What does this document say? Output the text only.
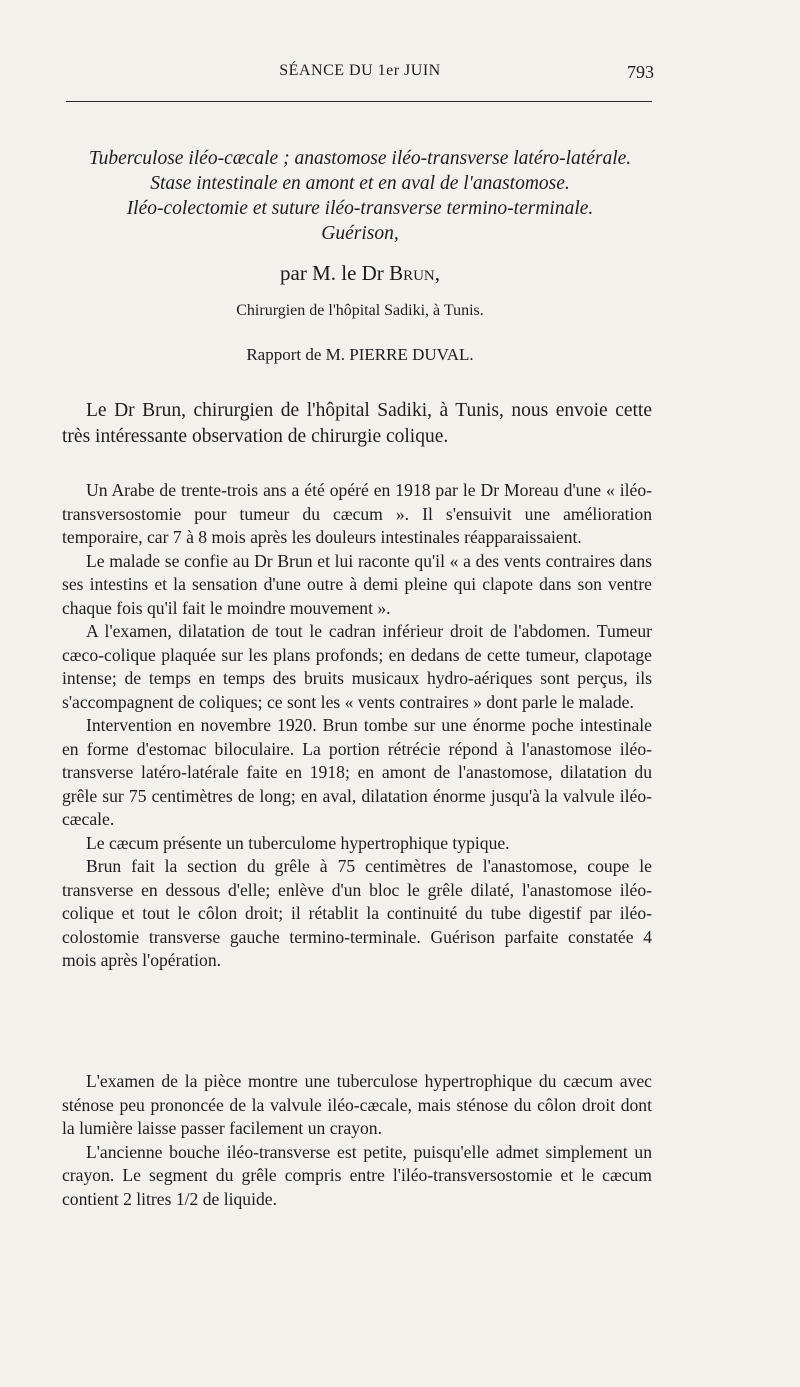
SÉANCE DU 1er JUIN	793
Tuberculose iléo-cæcale ; anastomose iléo-transverse latéro-latérale.
Stase intestinale en amont et en aval de l'anastomose.
Iléo-colectomie et suture iléo-transverse termino-terminale.
Guérison,
par M. le Dr Brun,
Chirurgien de l'hôpital Sadiki, à Tunis.
Rapport de M. PIERRE DUVAL.

Le Dr Brun, chirurgien de l'hôpital Sadiki, à Tunis, nous envoie cette très intéressante observation de chirurgie colique.

Un Arabe de trente-trois ans a été opéré en 1918 par le Dr Moreau d'une « iléo-transversostomie pour tumeur du cæcum ». Il s'ensuivit une amélioration temporaire, car 7 à 8 mois après les douleurs intestinales réapparaissaient.

Le malade se confie au Dr Brun et lui raconte qu'il « a des vents contraires dans ses intestins et la sensation d'une outre à demi pleine qui clapote dans son ventre chaque fois qu'il fait le moindre mouvement ».

A l'examen, dilatation de tout le cadran inférieur droit de l'abdomen. Tumeur cæco-colique plaquée sur les plans profonds; en dedans de cette tumeur, clapotage intense; de temps en temps des bruits musicaux hydro-aériques sont perçus, ils s'accompagnent de coliques; ce sont les « vents contraires » dont parle le malade.

Intervention en novembre 1920. Brun tombe sur une énorme poche intestinale en forme d'estomac biloculaire. La portion rétrécie répond à l'anastomose iléo-transverse latéro-latérale faite en 1918; en amont de l'anastomose, dilatation du grêle sur 75 centimètres de long; en aval, dilatation énorme jusqu'à la valvule iléo-cæcale.

Le cæcum présente un tuberculome hypertrophique typique.

Brun fait la section du grêle à 75 centimètres de l'anastomose, coupe le transverse en dessous d'elle; enlève d'un bloc le grêle dilaté, l'anastomose iléo-colique et tout le côlon droit; il rétablit la continuité du tube digestif par iléo-colostomie transverse gauche termino-terminale. Guérison parfaite constatée 4 mois après l'opération.

L'examen de la pièce montre une tuberculose hypertrophique du cæcum avec sténose peu prononcée de la valvule iléo-cæcale, mais sténose du côlon droit dont la lumière laisse passer facilement un crayon.

L'ancienne bouche iléo-transverse est petite, puisqu'elle admet simplement un crayon. Le segment du grêle compris entre l'iléo-transversostomie et le cæcum contient 2 litres 1/2 de liquide.
